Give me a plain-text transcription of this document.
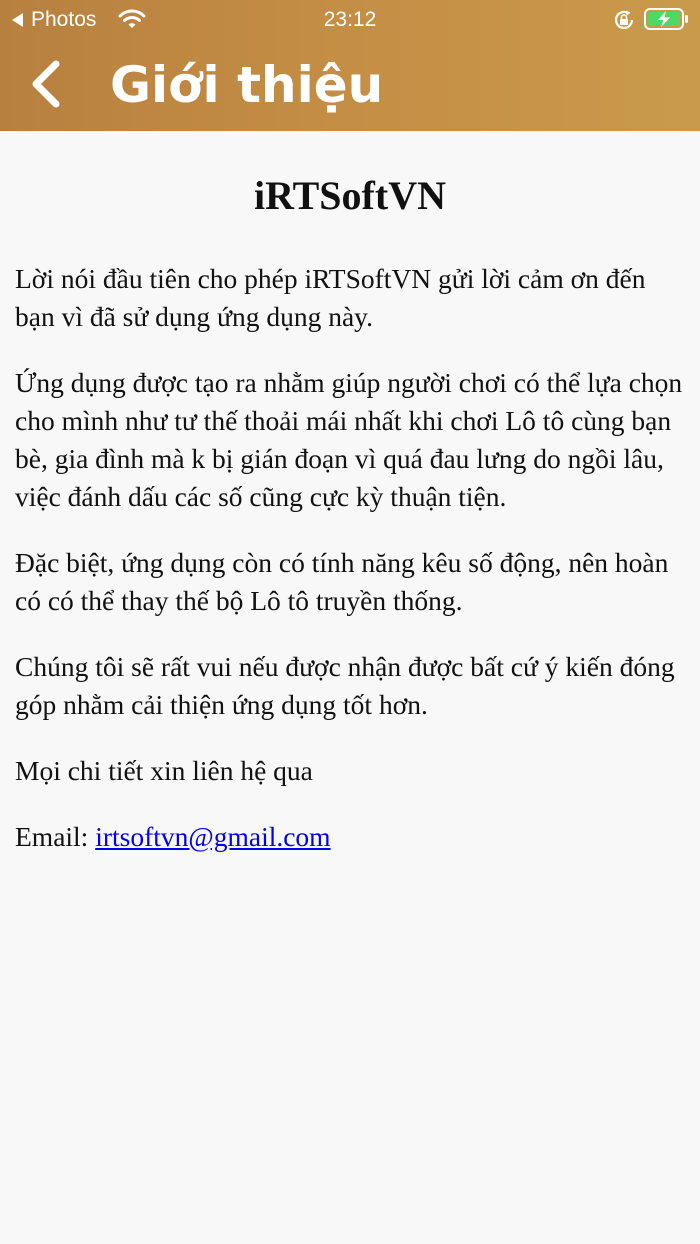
Photos	23:12
Giới thiệu
iRTSoftVN

Lời nói đầu tiên cho phép iRTSoftVN gửi lời cảm ơn đến bạn vì đã sử dụng ứng dụng này.

Ứng dụng được tạo ra nhằm giúp người chơi có thể lựa chọn cho mình như tư thế thoải mái nhất khi chơi Lô tô cùng bạn bè, gia đình mà k bị gián đoạn vì quá đau lưng do ngồi lâu, việc đánh dấu các số cũng cực kỳ thuận tiện.

Đặc biệt, ứng dụng còn có tính năng kêu số động, nên hoàn có có thể thay thế bộ Lô tô truyền thống.

Chúng tôi sẽ rất vui nếu được nhận được bất cứ ý kiến đóng góp nhằm cải thiện ứng dụng tốt hơn.

Mọi chi tiết xin liên hệ qua

Email: irtsoftvn@gmail.com
